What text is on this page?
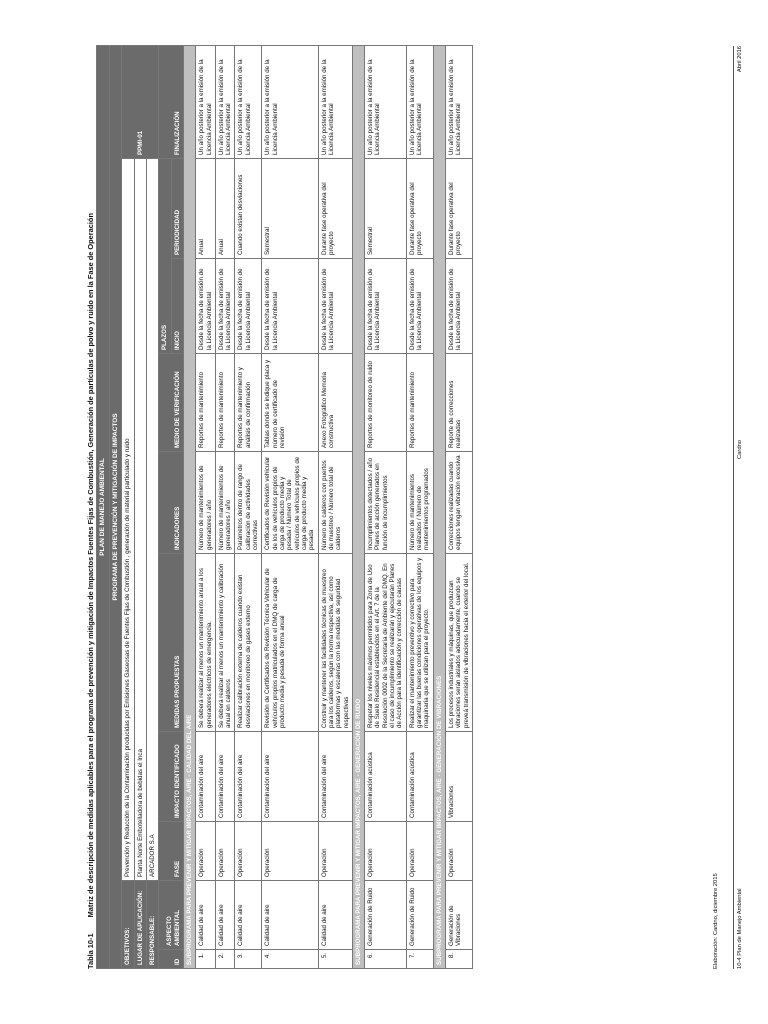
Tabla 10-1Matriz de descripción de medidas aplicables para el programa de prevención y mitigación de Impactos Fuentes Fijas de Combustión, Generación de partículas de polvo y ruido en la Fase de Operación PLAN DE MANEJO AMBIENTAL									
PROGRAMA DE PREVENCIÓN Y MITIGACIÓN DE IMPACTOS									
OBJETIVOS:		Prevención y Reducción de la Contaminación producidas por Emisiones Gaseosas de Fuentes Fijas de Combustión , generación de material particulado y ruido							PPMI-01
LUGAR DE APLICACIÓN:		Planta Norte Embotelladora de bebidas el Inca							
RESPONSABLE:		ARCADOR S.A							
ID	ASPECTO AMBIENTAL	FASE	IMPACTO IDENTIFICADO	MEDIDAS PROPUESTAS	INDICADORES	MEDIO DE VERIFICACIÓN	PLAZOS		FINALIZACIÓN
							INICIO	PERIODICIDAD	
SUBPROGRAMA PARA PREVENIR Y MITIGAR IMPACTOS, AIRE - CALIDAD DEL AIRE									
1.	Calidad de aire	Operación	Contaminación del aire	Se deberá realizar al menos un mantenimiento anual a los generadores eléctricos de emergencia.	Número de mantenimientos de generadores / año	Reportes de mantenimiento	Desde la fecha de emisión de la Licencia Ambiental	Anual	Un año posterior a la emisión de la Licencia Ambiental
2.	Calidad de aire	Operación	Contaminación del aire	Se deberá realizar al menos un mantenimiento y calibración anual en calderos	Número de mantenimientos de generadores / año	Reportes de mantenimiento	Desde la fecha de emisión de la Licencia Ambiental	Anual	Un año posterior a la emisión de la Licencia Ambiental
3.	Calidad de aire	Operación	Contaminación del aire	Realizar calibración externa de calderos cuando existan desviaciones en monitoreo de gases externo	Parámetros dentro de rango de calibración de actividades correctivas	Reportes de mantenimiento y análisis de confirmación	Desde la fecha de emisión de la Licencia Ambiental	Cuando existan desviaciones	Un año posterior a la emisión de la Licencia Ambiental
4.	Calidad de aire	Operación	Contaminación del aire	Revisión de Certificados de Revisión Técnica Vehicular de vehículos propios matriculados en el DMQ de carga de producto media y pesada de forma anual	Certificados de Revisión vehicular de los de vehículos propios de carga de producto media y pesada / Número Total de vehículos de vehículos propios de carga de producto media y pesada	Tablas donde se indique placa y número de certificado de revisión	Desde la fecha de emisión de la Licencia Ambiental	Semestral	Un año posterior a la emisión de la Licencia Ambiental
5.	Calidad de aire	Operación	Contaminación del aire	Construir y mantener las facilidades técnicas de muestreo para los calderos, según la norma respectiva, así como plataformas y escaleras con las medidas de seguridad respectivas	Número de calderos con puertos de muestreo / Número total de calderos	Anexo Fotográfico Memoria constructiva	Desde la fecha de emisión de la Licencia Ambiental	Durante fase operativa del proyecto	Un año posterior a la emisión de la Licencia Ambiental
SUBPROGRAMA PARA PREVENIR Y MITIGAR IMPACTOS, AIRE - GENERACIÓN DE RUIDO									
6.	Generación de Ruido	Operación	Contaminación acústica	Respetar los niveles máximos permitidos para Zona de Uso de Suelo Residencial establecidos en el Art. 7 de la Resolución 0002 de la Secretaría de Ambiente del DMQ. En el caso de incumplimiento se realizarán y ejecutarán Planes de Acción para la identificación y corrección de causas	Incumplimientos detectados / año Planes de acción generados en función de incumplimientos	Reportes de monitoreo de ruido	Desde la fecha de emisión de la Licencia Ambiental	Semestral	Un año posterior a la emisión de la Licencia Ambiental
7.	Generación de Ruido	Operación	Contaminación acústica	Realizar el mantenimiento preventivo y correctivo para garantizar las buenas condiciones operativas de los equipos y maquinaria que se utilizan para el proyecto.	Número de mantenimientos realizados / Número de mantenimientos programados	Reportes de mantenimiento	Desde la fecha de emisión de la Licencia Ambiental	Durante fase operativa del proyecto	Un año posterior a la emisión de la Licencia Ambiental
SUBPROGRAMA PARA PREVENIR Y MITIGAR IMPACTOS, AIRE - GENERACIÓN DE VIBRACIONES									
8.	Generación de Vibraciones	Operación	Vibraciones	Los procesos industriales y máquinas, que produzcan vibraciones serán aislados adecuadamente, cuando se preveá transmisión de vibraciones hacia el exterior del local.	Correcciones realizadas cuando equipos tengan vibración excesiva	Reporte de correcciones realizadas	Desde la fecha de emisión de la Licencia Ambiental	Durante fase operativa del proyecto	Un año posterior a la emisión de la Licencia Ambiental
Elaboración: Cardno, diciembre 2015	10-4 Plan de Manejo Ambiental
Cardno
Abril 2016
